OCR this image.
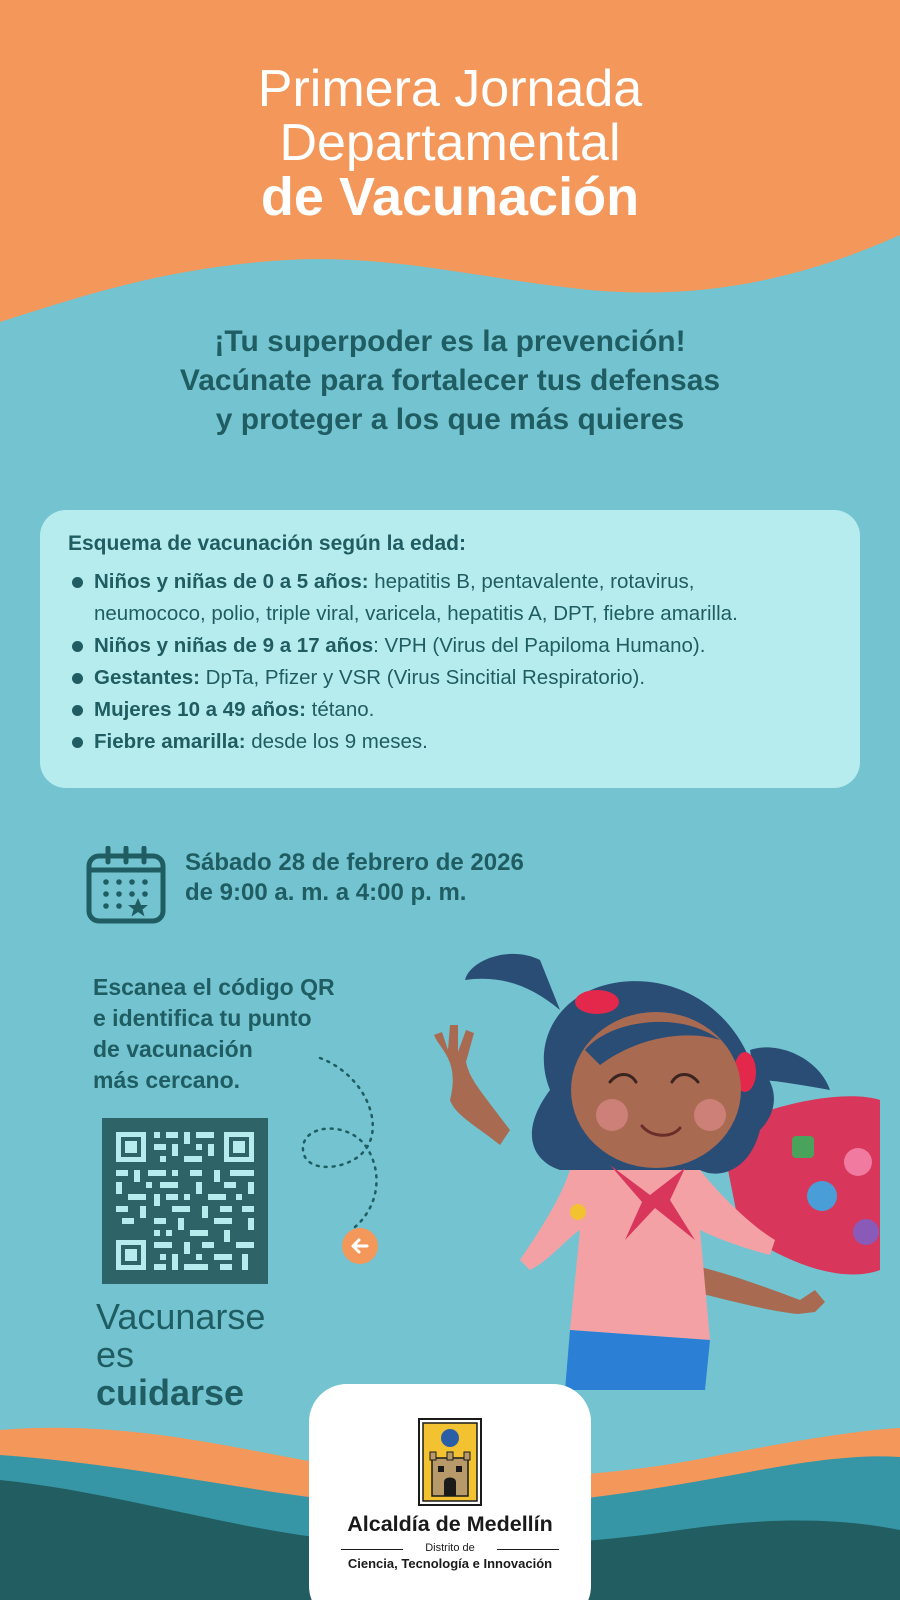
Primera Jornada
Departamental
de Vacunación
¡Tu superpoder es la prevención!
Vacúnate para fortalecer tus defensas
y proteger a los que más quieres
Esquema de vacunación según la edad:
Niños y niñas de 0 a 5 años: hepatitis B, pentavalente, rotavirus,
neumococo, polio, triple viral, varicela, hepatitis A, DPT, fiebre amarilla.
Niños y niñas de 9 a 17 años: VPH (Virus del Papiloma Humano).
Gestantes: DpTa, Pfizer y VSR (Virus Sincitial Respiratorio).
Mujeres 10 a 49 años: tétano.
Fiebre amarilla: desde los 9 meses.
Sábado 28 de febrero de 2026
de 9:00 a. m. a 4:00 p. m.
Escanea el código QR
e identifica tu punto
de vacunación
más cercano.
Vacunarse
es
cuidarse
Alcaldía de Medellín
Distrito de
Ciencia, Tecnología e Innovación
